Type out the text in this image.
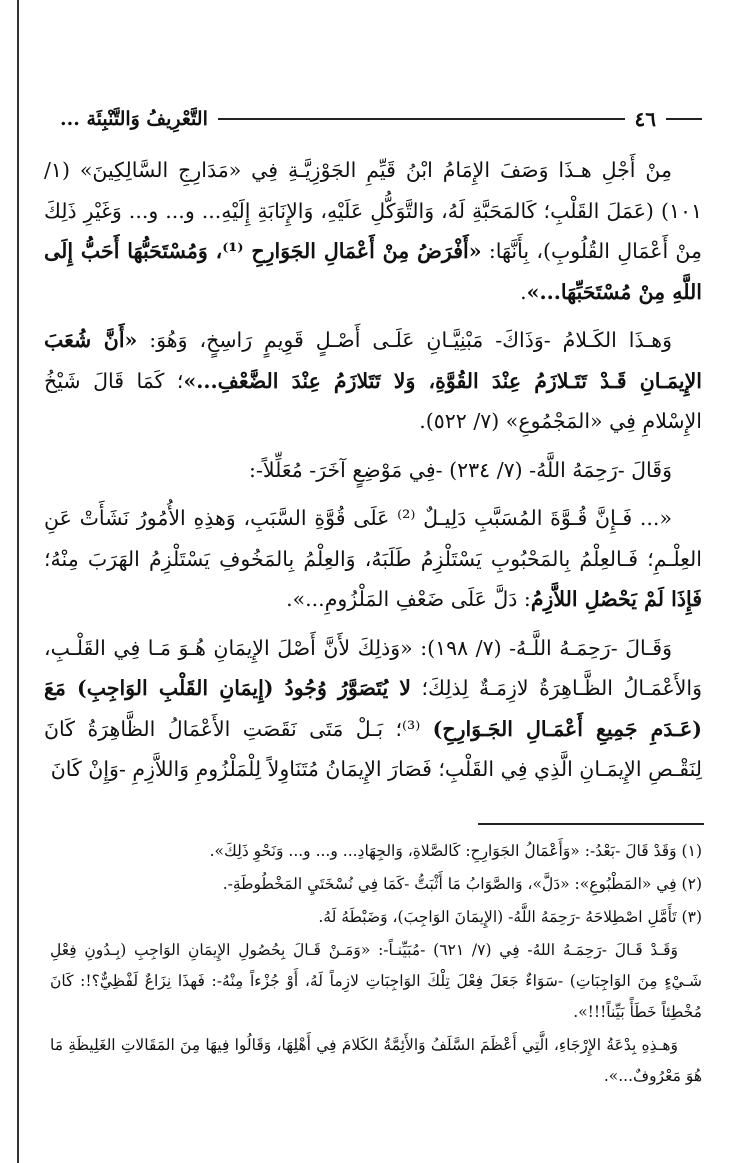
التَّعْرِيفُ وَالتَّنْبِئَة ...	٤٦

مِنْ أَجْلِ هـذَا وَصَفَ الإِمَامُ ابْنُ قَيِّمِ الجَوْزِيَّـةِ فِي «مَدَارِجِ السَّالِكِينَ» (١/ ١٠١) (عَمَلَ القَلْبِ؛ كَالمَحَبَّةِ لَهُ، وَالتَّوَكُّلِ عَلَيْهِ، وَالإِنَابَةِ إِلَيْهِ... و... و... وَغَيْرِ ذَلِكَ مِنْ أَعْمَالِ القُلُوبِ)، بِأَنَّهَا: «أَفْرَضُ مِنْ أَعْمَالِ الجَوَارِحِ ⁽¹⁾، وَمُسْتَحَبُّهَا أَحَبُّ إِلَى اللَّهِ مِنْ مُسْتَحَبِّهَا...».

وَهـذَا الكَـلامُ -وَذَاكَ- مَبْنِيَّـانِ عَلَـى أَصْـلٍ قَوِيمٍ رَاسِخٍ، وَهُوَ: «أَنَّ شُعَبَ الإِيمَـانِ قَـدْ تَتَـلازَمُ عِنْدَ القُوَّةِ، وَلا تَتَلازَمُ عِنْدَ الضَّعْفِ...»؛ كَمَا قَالَ شَيْخُ الإِسْلامِ فِي «المَجْمُوعِ» (٧/ ٥٢٢).

وَقَالَ -رَحِمَهُ اللَّهُ- (٧/ ٢٣٤) -فِي مَوْضِعٍ آخَرَ- مُعَلِّلاً-:

«... فَـإِنَّ قُـوَّةَ المُسَبَّبِ دَلِيـلٌ ⁽²⁾ عَلَى قُوَّةِ السَّبَبِ، وَهذِهِ الأُمُورُ نَشَأَتْ عَنِ العِلْـمِ؛ فَـالعِلْمُ بِالمَحْبُوبِ يَسْتَلْزِمُ طَلَبَهُ، وَالعِلْمُ بِالمَخُوفِ يَسْتَلْزِمُ الهَرَبَ مِنْهُ؛ فَإِذَا لَمْ يَحْصُلِ اللاَّزِمُ: دَلَّ عَلَى ضَعْفِ المَلْزُومِ...».

وَقَـالَ -رَحِمَـهُ اللَّـهُ- (٧/ ١٩٨): «وَذلِكَ لأَنَّ أَصْلَ الإِيمَانِ هُـوَ مَـا فِي القَلْـبِ، وَالأَعْمَـالُ الظَّـاهِرَةُ لازِمَـةٌ لِذلِكَ؛ لا يُتَصَوَّرُ وُجُودُ (إِيمَانِ القَلْبِ الوَاجِبِ) مَعَ (عَـدَمِ جَمِيعِ أَعْمَـالِ الجَـوَارِحِ) ⁽³⁾؛ بَـلْ مَتَى نَقَصَتِ الأَعْمَالُ الظَّاهِرَةُ كَانَ لِنَقْـصِ الإِيمَـانِ الَّذِي فِي القَلْبِ؛ فَصَارَ الإِيمَانُ مُتَنَاوِلاً لِلْمَلْزُومِ وَاللاَّزِمِ -وَإِنْ كَانَ

(١) وَقَدْ قَالَ -بَعْدُ-: «وَأَعْمَالُ الجَوَارِحِ: كَالصَّلاةِ، وَالجِهَادِ... و... و... وَنَحْوِ ذَلِكَ».

(٢) فِي «المَطْبُوعِ»: «دَلَّ»، وَالصَّوَابُ مَا أَثْبَتُّ -كَمَا فِي نُسْخَتَيِ المَخْطُوطَةِ-.

(٣) تَأَمَّلِ اصْطِلاحَهُ -رَحِمَهُ اللَّهُ- (الإِيمَانَ الوَاجِبَ)، وَضَبْطَهُ لَهُ.

وَقَـدْ قَـالَ -رَحِمَـهُ اللهُ- فِي (٧/ ٦٢١) -مُبَيِّنـاً-: «وَمَـنْ قَـالَ بِحُصُولِ الإِيمَانِ الوَاجِبِ (بِـدُونِ فِعْلِ شَـيْءٍ مِنَ الوَاجِبَاتِ) -سَوَاءٌ جَعَلَ فِعْلَ تِلْكَ الوَاجِبَاتِ لازِماً لَهُ، أَوْ جُزْءاً مِنْهُ-: فَهذَا نِزَاعٌ لَفْظِيٌّ؟!: كَانَ مُخْطِئاً خَطَأً بَيِّناً!!!».

وَهـذِهِ بِدْعَةُ الإِرْجَاءِ، الَّتِي أَعْظَمَ السَّلَفُ وَالأَئِمَّةُ الكَلامَ فِي أَهْلِهَا، وَقَالُوا فِيهَا مِنَ المَقَالاتِ الغَلِيظَةِ مَا هُوَ مَعْرُوفٌ...».
